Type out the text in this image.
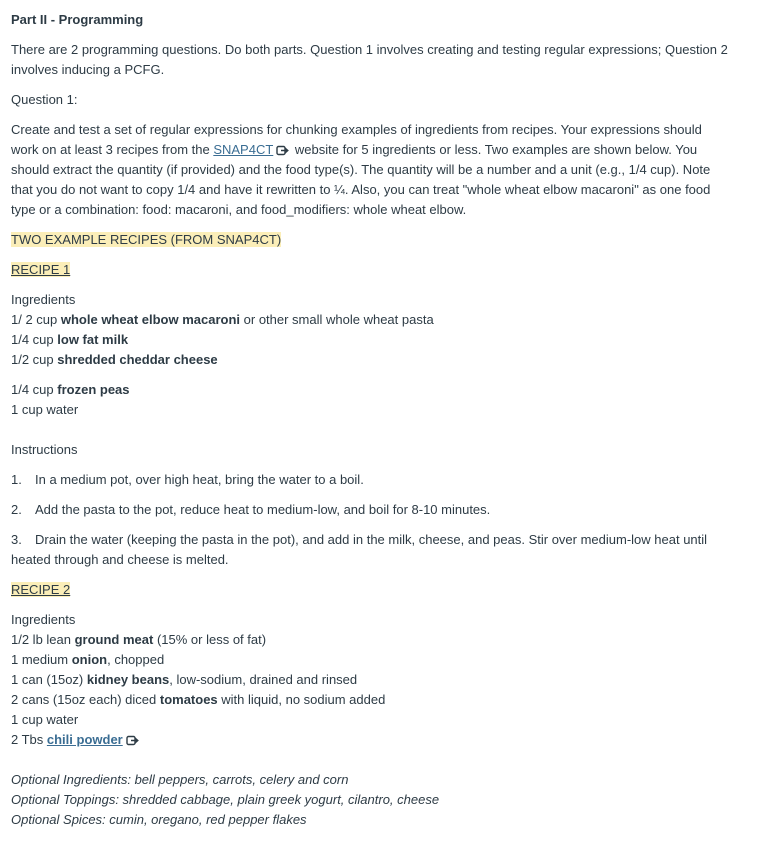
Part II - Programming
There are 2 programming questions. Do both parts. Question 1 involves creating and testing regular expressions; Question 2 involves inducing a PCFG.
Question 1:
Create and test a set of regular expressions for chunking examples of ingredients from recipes. Your expressions should work on at least 3 recipes from the SNAP4CT website for 5 ingredients or less. Two examples are shown below. You should extract the quantity (if provided) and the food type(s). The quantity will be a number and a unit (e.g., 1/4 cup). Note that you do not want to copy 1/4 and have it rewritten to ¼. Also, you can treat "whole wheat elbow macaroni" as one food type or a combination: food: macaroni, and food_modifiers: whole wheat elbow.
TWO EXAMPLE RECIPES (FROM SNAP4CT)
RECIPE 1
Ingredients
1/ 2 cup whole wheat elbow macaroni or other small whole wheat pasta
1/4 cup low fat milk
1/2 cup shredded cheddar cheese
1/4 cup frozen peas
1 cup water
Instructions
1. In a medium pot, over high heat, bring the water to a boil.
2. Add the pasta to the pot, reduce heat to medium-low, and boil for 8-10 minutes.
3. Drain the water (keeping the pasta in the pot), and add in the milk, cheese, and peas. Stir over medium-low heat until heated through and cheese is melted.
RECIPE 2
Ingredients
1/2 lb lean ground meat (15% or less of fat)
1 medium onion, chopped
1 can (15oz) kidney beans, low-sodium, drained and rinsed
2 cans (15oz each) diced tomatoes with liquid, no sodium added
1 cup water
2 Tbs chili powder
Optional Ingredients: bell peppers, carrots, celery and corn
Optional Toppings: shredded cabbage, plain greek yogurt, cilantro, cheese
Optional Spices: cumin, oregano, red pepper flakes
